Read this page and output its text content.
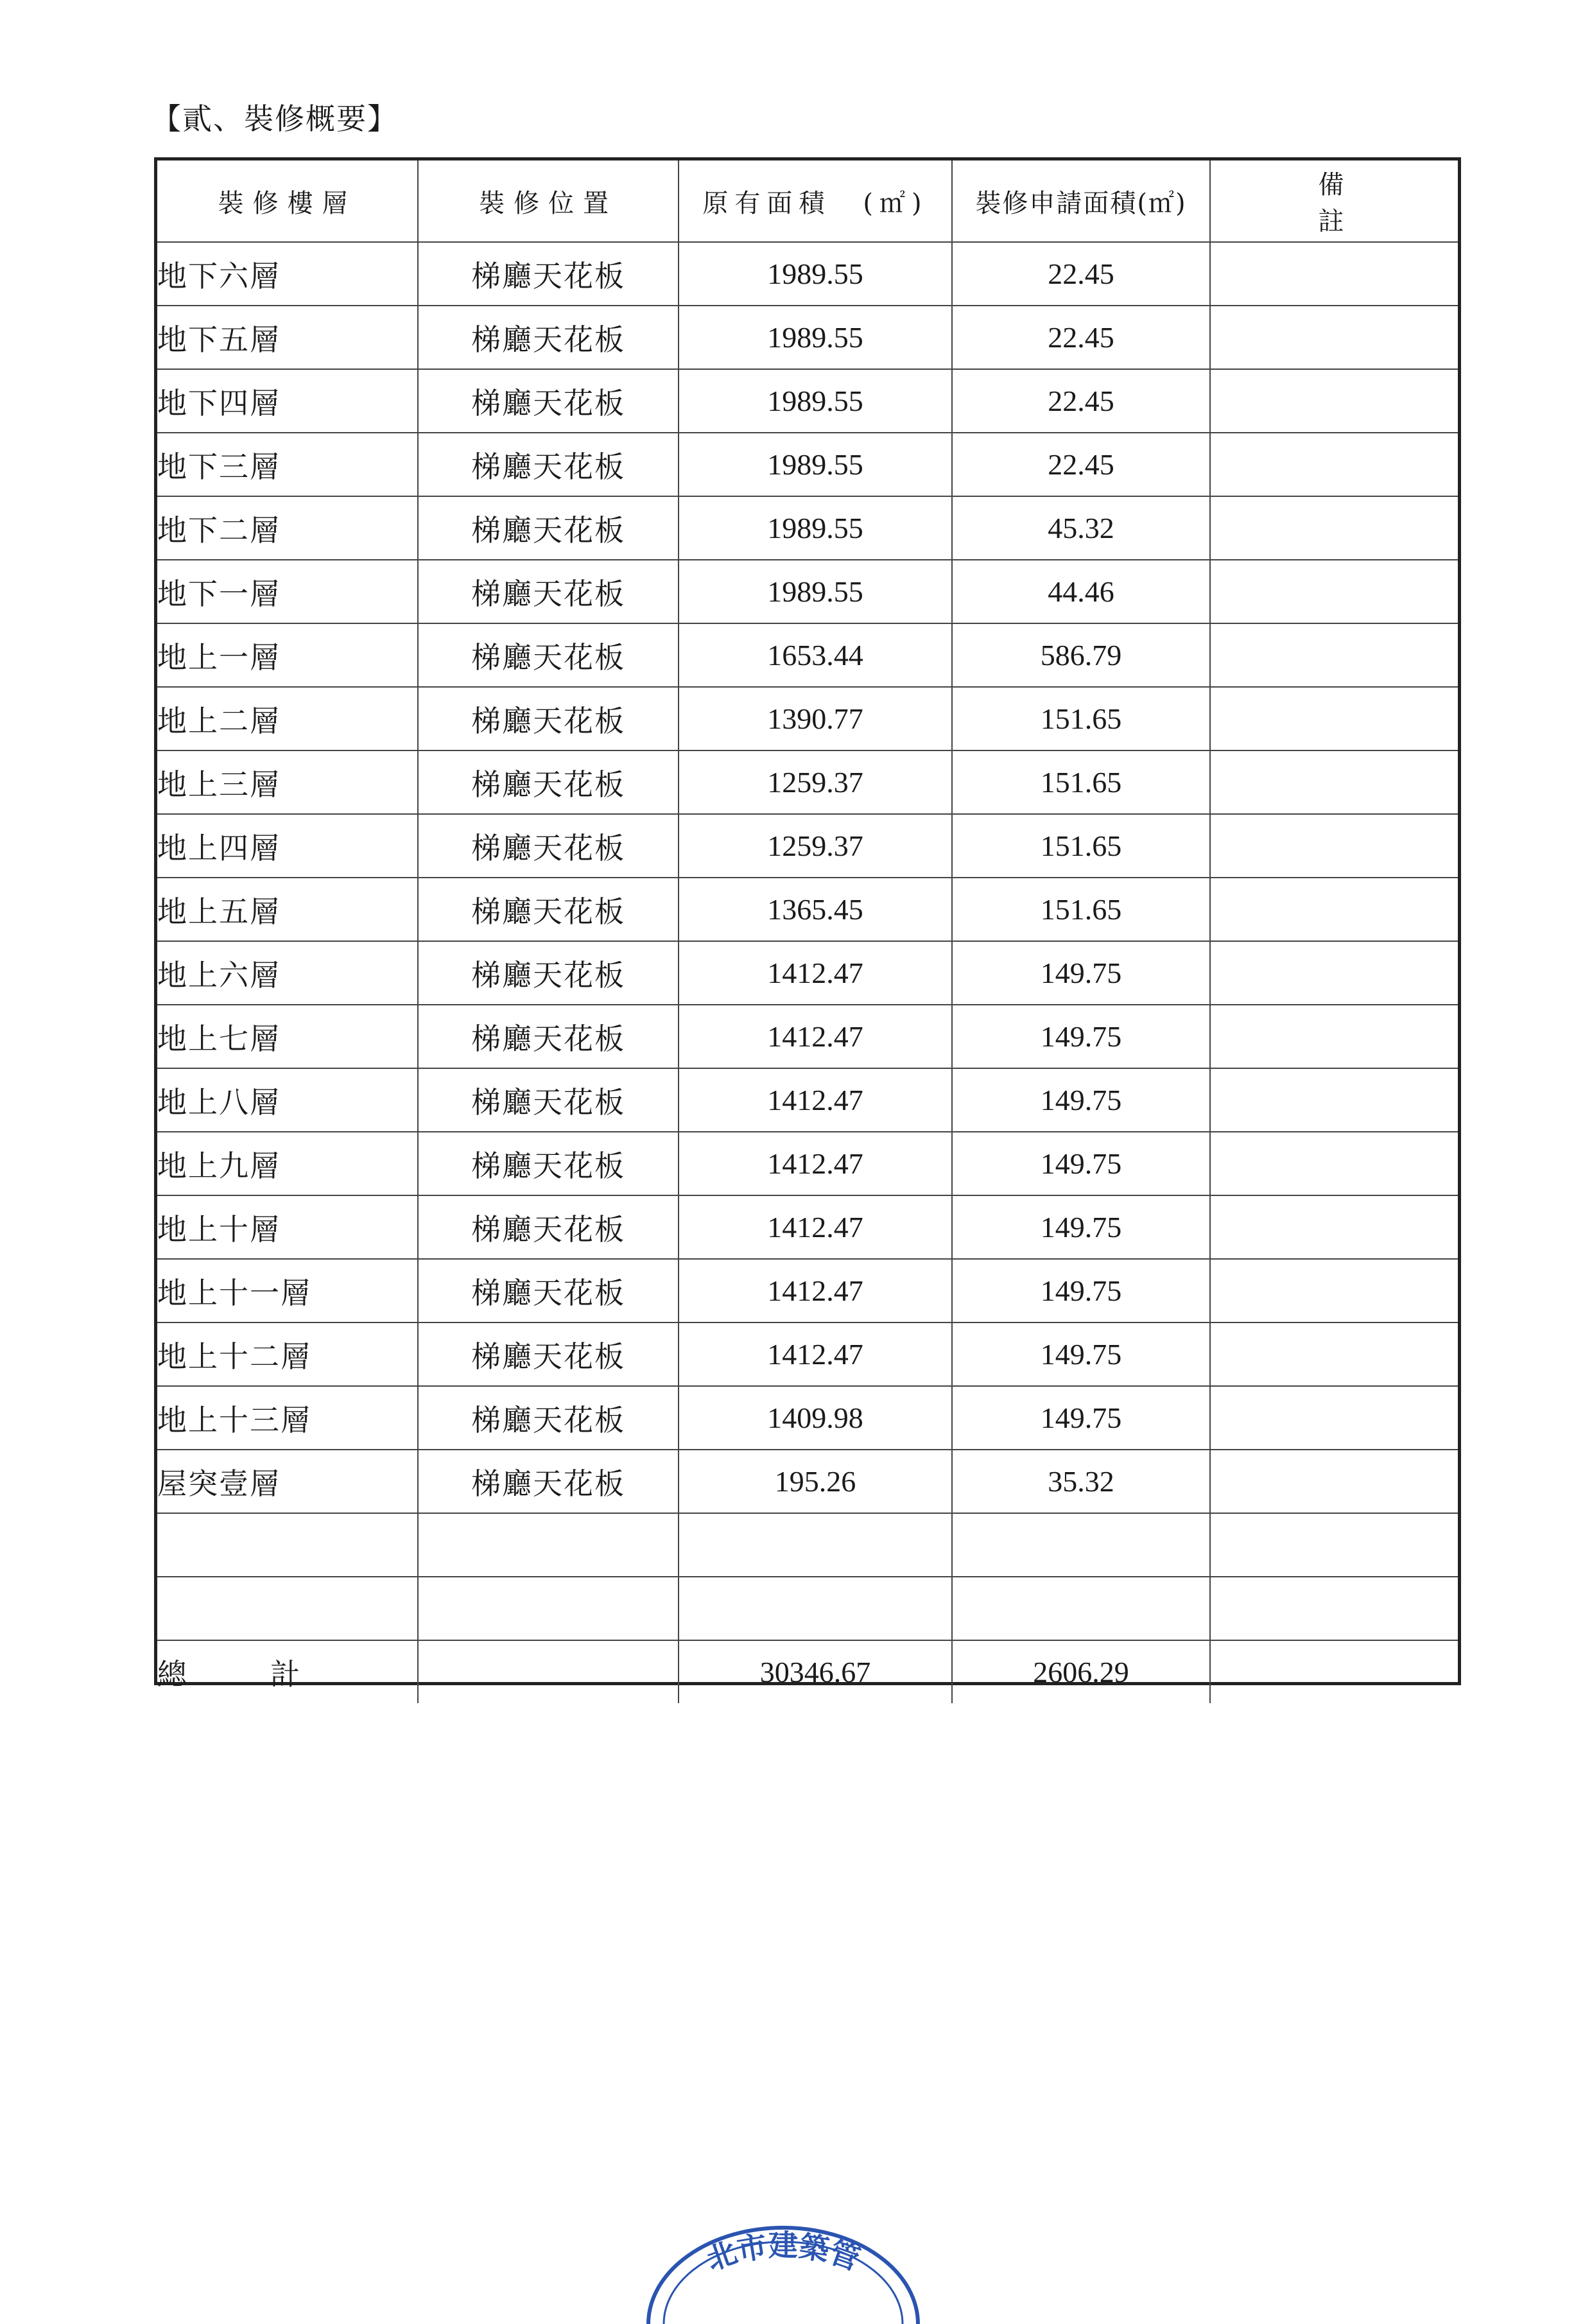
【貳、裝修概要】
裝修樓層	裝修位置	原有面積　(㎡)	裝修申請面積(㎡)	備註
地下六層	梯廳天花板	1989.55	22.45	
地下五層	梯廳天花板	1989.55	22.45	
地下四層	梯廳天花板	1989.55	22.45	
地下三層	梯廳天花板	1989.55	22.45	
地下二層	梯廳天花板	1989.55	45.32	
地下一層	梯廳天花板	1989.55	44.46	
地上一層	梯廳天花板	1653.44	586.79	
地上二層	梯廳天花板	1390.77	151.65	
地上三層	梯廳天花板	1259.37	151.65	
地上四層	梯廳天花板	1259.37	151.65	
地上五層	梯廳天花板	1365.45	151.65	
地上六層	梯廳天花板	1412.47	149.75	
地上七層	梯廳天花板	1412.47	149.75	
地上八層	梯廳天花板	1412.47	149.75	
地上九層	梯廳天花板	1412.47	149.75	
地上十層	梯廳天花板	1412.47	149.75	
地上十一層	梯廳天花板	1412.47	149.75	
地上十二層	梯廳天花板	1412.47	149.75	
地上十三層	梯廳天花板	1409.98	149.75	
屋突壹層	梯廳天花板	195.26	35.32	

總計		30346.67	2606.29	
北市建築管
